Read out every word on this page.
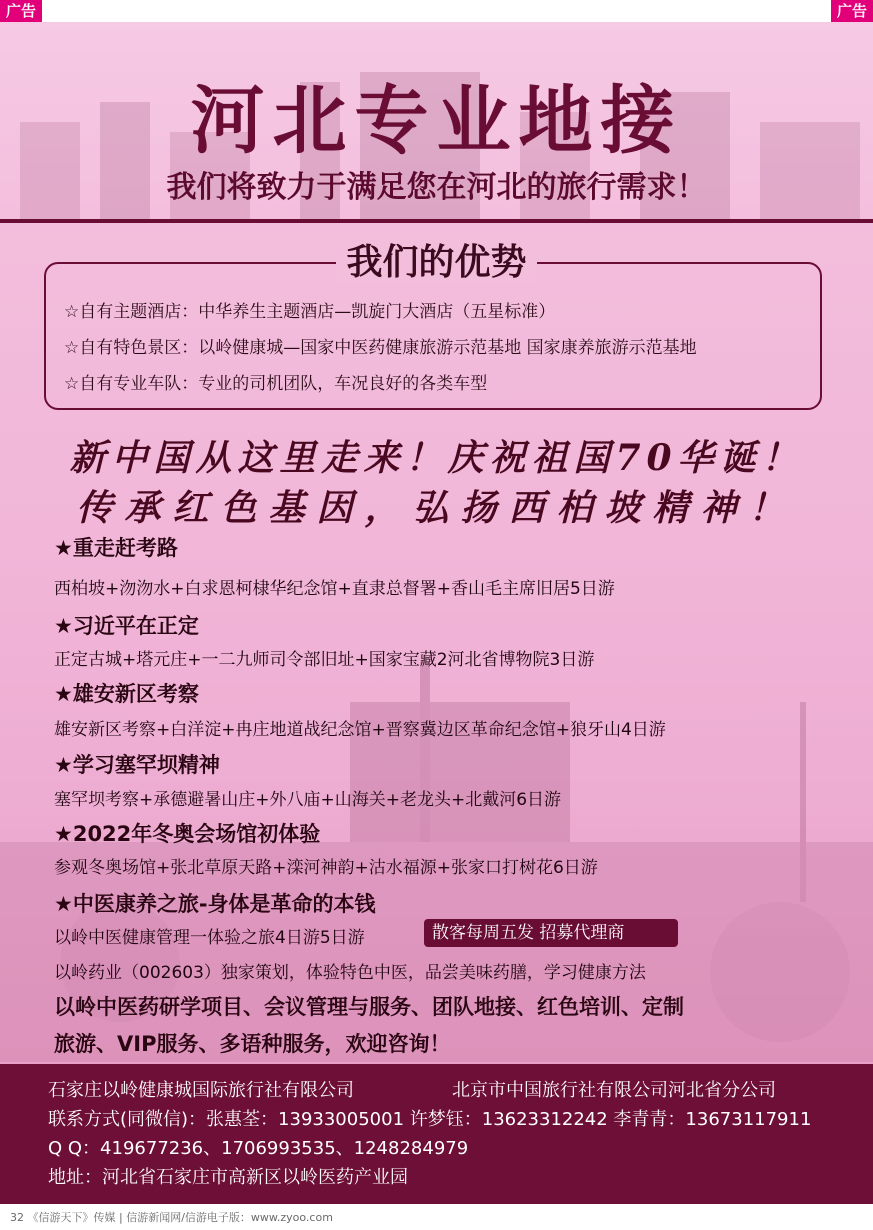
广告	广告
河北专业地接
我们将致力于满足您在河北的旅行需求！
我们的优势
☆自有主题酒店：中华养生主题酒店—凯旋门大酒店（五星标准）
☆自有特色景区：以岭健康城—国家中医药健康旅游示范基地 国家康养旅游示范基地
☆自有专业车队：专业的司机团队，车况良好的各类车型
新中国从这里走来！庆祝祖国70华诞！
传承红色基因，弘扬西柏坡精神！
★重走赶考路
西柏坡+沕沕水+白求恩柯棣华纪念馆+直隶总督署+香山毛主席旧居5日游
★习近平在正定
正定古城+塔元庄+一二九师司令部旧址+国家宝藏2河北省博物院3日游
★雄安新区考察
雄安新区考察+白洋淀+冉庄地道战纪念馆+晋察冀边区革命纪念馆+狼牙山4日游
★学习塞罕坝精神
塞罕坝考察+承德避暑山庄+外八庙+山海关+老龙头+北戴河6日游
★2022年冬奥会场馆初体验
参观冬奥场馆+张北草原天路+滦河神韵+沽水福源+张家口打树花6日游
★中医康养之旅-身体是革命的本钱
以岭中医健康管理一体验之旅4日游5日游	散客每周五发 招募代理商
以岭药业（002603）独家策划，体验特色中医，品尝美味药膳，学习健康方法
以岭中医药研学项目、会议管理与服务、团队地接、红色培训、定制
旅游、VIP服务、多语种服务，欢迎咨询！
石家庄以岭健康城国际旅行社有限公司	北京市中国旅行社有限公司河北省分公司
联系方式(同微信)：张惠荃：13933005001 许梦钰：13623312242 李青青：13673117911
Q Q：419677236、1706993535、1248284979
地址：河北省石家庄市高新区以岭医药产业园
32 《信游天下》传媒 | 信游新闻网/信游电子版：www.zyoo.com
